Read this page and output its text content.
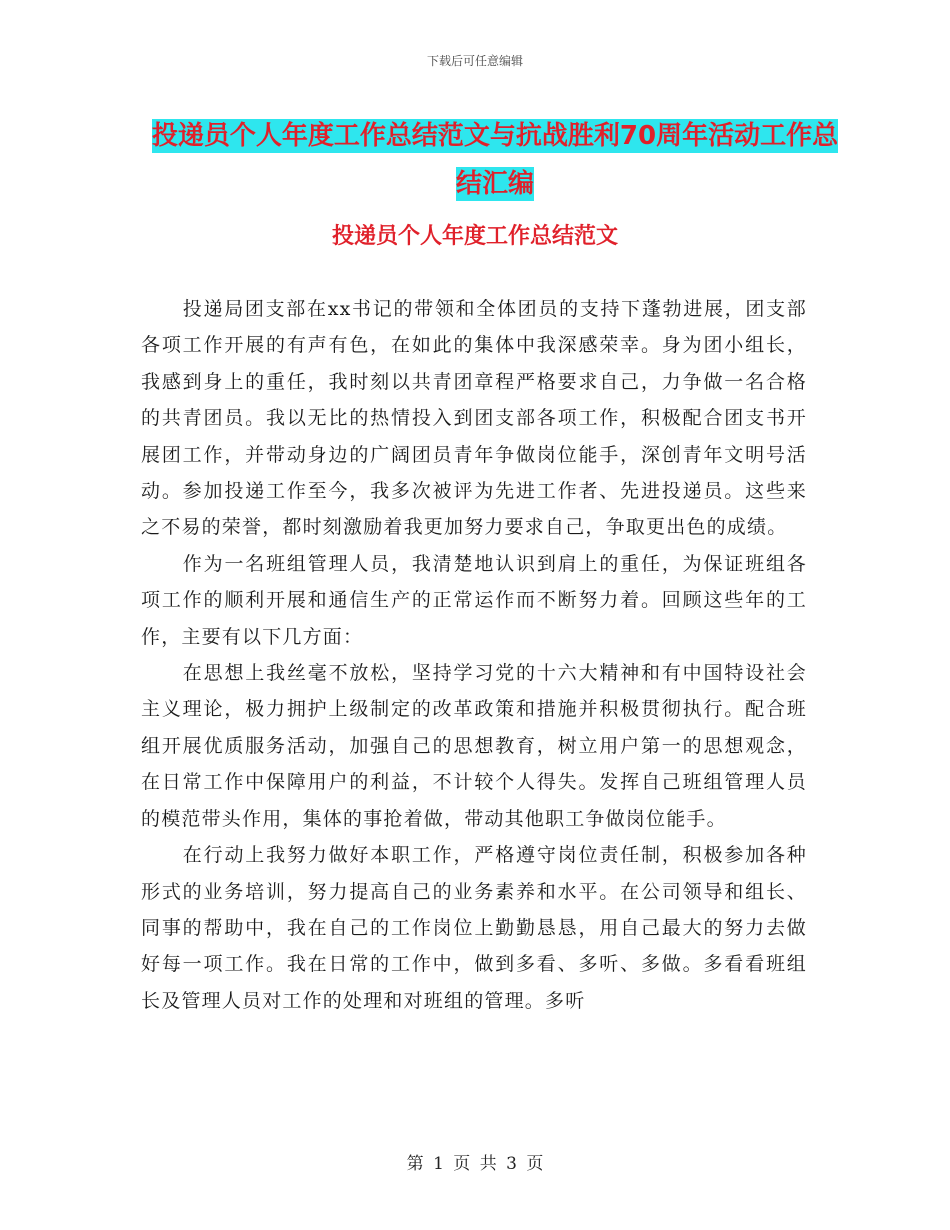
下载后可任意编辑
投递员个人年度工作总结范文与抗战胜利70周年活动工作总结汇编
投递员个人年度工作总结范文

投递局团支部在xx书记的带领和全体团员的支持下蓬勃进展，团支部各项工作开展的有声有色，在如此的集体中我深感荣幸。身为团小组长，我感到身上的重任，我时刻以共青团章程严格要求自己，力争做一名合格的共青团员。我以无比的热情投入到团支部各项工作，积极配合团支书开展团工作，并带动身边的广阔团员青年争做岗位能手，深创青年文明号活动。参加投递工作至今，我多次被评为先进工作者、先进投递员。这些来之不易的荣誉，都时刻激励着我更加努力要求自己，争取更出色的成绩。

作为一名班组管理人员，我清楚地认识到肩上的重任，为保证班组各项工作的顺利开展和通信生产的正常运作而不断努力着。回顾这些年的工作，主要有以下几方面：

在思想上我丝毫不放松，坚持学习党的十六大精神和有中国特设社会主义理论，极力拥护上级制定的改革政策和措施并积极贯彻执行。配合班组开展优质服务活动，加强自己的思想教育，树立用户第一的思想观念，在日常工作中保障用户的利益，不计较个人得失。发挥自己班组管理人员的模范带头作用，集体的事抢着做，带动其他职工争做岗位能手。

在行动上我努力做好本职工作，严格遵守岗位责任制，积极参加各种形式的业务培训，努力提高自己的业务素养和水平。在公司领导和组长、同事的帮助中，我在自己的工作岗位上勤勤恳恳，用自己最大的努力去做好每一项工作。我在日常的工作中，做到多看、多听、多做。多看看班组长及管理人员对工作的处理和对班组的管理。多听

第 1 页 共 3 页
